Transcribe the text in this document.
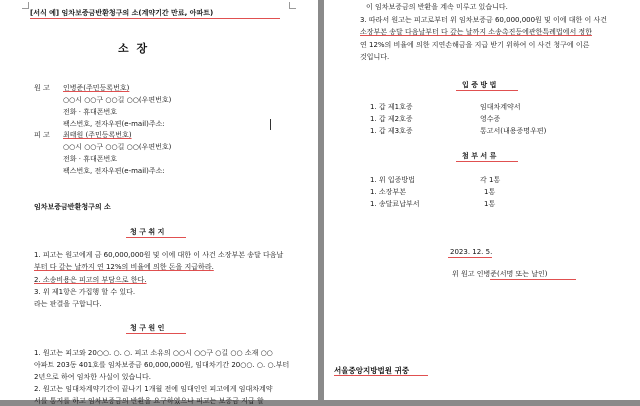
[서식 예] 임차보증금반환청구의 소(계약기간 만료, 아파트)
소 장
원 고 인병준(주민등록번호)
○○시 ○○구 ○○길 ○○(우편번호)
전화 · 휴대폰번호
팩스번호, 전자우편(e-mail)주소:
피 고 최태원 (주민등록번호)
○○시 ○○구 ○○길 ○○(우편번호)
전화 · 휴대폰번호
팩스번호, 전자우편(e-mail)주소:
임차보증금반환청구의 소
청 구 취 지
1. 피고는 원고에게 금 60,000,000원 및 이에 대한 이 사건 소장부본 송달 다음날
부터 다 갚는 날까지 연 12%의 비율에 의한 돈을 지급하라.
2. 소송비용은 피고의 부담으로 한다.
3. 위 제1항은 가집행 할 수 있다.
라는 판결을 구합니다.
청 구 원 인
1. 원고는 피고와 20○○. ○. ○. 피고 소유의 ○○시 ○○구 ○길 ○○ 소재 ○○
아파트 203동 401호를 임차보증금 60,000,000원, 임대차기간 20○○. ○. ○.부터
2년으로 하여 임차한 사실이 있습니다.
2. 원고는 임대차계약기간이 끝나기 1개월 전에 임대인인 피고에게 임대차계약
서를 통지를 하고 임차보증금의 반환을 요구하였으나 피고는 보증금 지급 할
이 임차보증금의 반환을 계속 미루고 있습니다.
3. 따라서 원고는 피고로부터 위 임차보증금 60,000,000원 및 이에 대한 이 사건
소장부본 송달 다음날부터 다 갚는 날까지 소송촉진등에관한특례법에서 정한
연 12%의 비율에 의한 지연손해금을 지급 받기 위하여 이 사건 청구에 이른
것입니다.
입 증 방 법
1. 갑 제1호증	임대차계약서
1. 갑 제2호증	영수증
1. 갑 제3호증	통고서(내용증명우편)
첨 부 서 류
1. 위 입증방법	각 1통
1. 소장부본	1통
1. 송달료납부서	1통
2023. 12. 5.
위 원고 인병준(서명 또는 날인)
서울중앙지방법원 귀중
